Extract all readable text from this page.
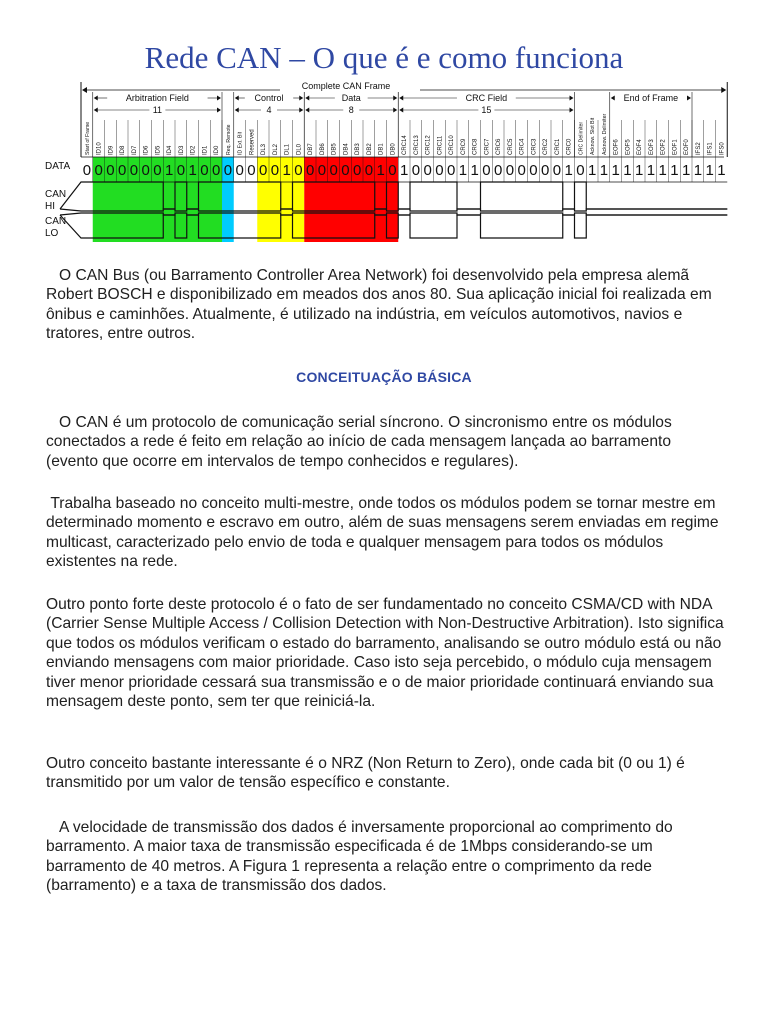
Rede CAN – O que é e como funciona
Arbitration Field
11
Control
4
Data
8
CRC Field
15
End of Frame
Start of Frame ID10 ID9 ID8 ID7 ID6 ID5 ID4 ID3 ID2 ID1 ID0 Req. Remote ID Ext. Bit Reserved DL3 DL2 DL1 DL0 DB7 DB6 DB5 DB4 DB3 DB2 DB1 DB0 CRC14 CRC13 CRC12 CRC11 CRC10 CRC9 CRC8 CRC7 CRC6 CRC5 CRC4 CRC3 CRC2 CRC1 CRC0 CRC Delimiter Acknow. Slot Bit Acknow. Delimiter EOF6 EOF5 EOF4 EOF3 EOF2 EOF1 EOF0 IFS2 IFS1 IFS0
0 0 0 0 0 0 0 1 0 1 0 0 0 0 0 0 0 1 0 0 0 0 0 0 0 1 0 1 0 0 0 0 1 1 0 0 0 0 0 0 0 1 0 1 1 1 1 1 1 1 1 1 1 1 1
Complete CAN Frame
DATA
CAN
HI
CAN
LO

O CAN Bus (ou Barramento Controller Area Network) foi desenvolvido pela empresa alemã Robert BOSCH e disponibilizado em meados dos anos 80. Sua aplicação inicial foi realizada em ônibus e caminhões. Atualmente, é utilizado na indústria, em veículos automotivos, navios e tratores, entre outros.

CONCEITUAÇÃO BÁSICA

O CAN é um protocolo de comunicação serial síncrono. O sincronismo entre os módulos conectados a rede é feito em relação ao início de cada mensagem lançada ao barramento (evento que ocorre em intervalos de tempo conhecidos e regulares).

Trabalha baseado no conceito multi-mestre, onde todos os módulos podem se tornar mestre em determinado momento e escravo em outro, além de suas mensagens serem enviadas em regime multicast, caracterizado pelo envio de toda e qualquer mensagem para todos os módulos existentes na rede.

Outro ponto forte deste protocolo é o fato de ser fundamentado no conceito CSMA/CD with NDA (Carrier Sense Multiple Access / Collision Detection with Non-Destructive Arbitration). Isto significa que todos os módulos verificam o estado do barramento, analisando se outro módulo está ou não enviando mensagens com maior prioridade. Caso isto seja percebido, o módulo cuja mensagem tiver menor prioridade cessará sua transmissão e o de maior prioridade continuará enviando sua mensagem deste ponto, sem ter que reiniciá-la.

Outro conceito bastante interessante é o NRZ (Non Return to Zero), onde cada bit (0 ou 1) é transmitido por um valor de tensão específico e constante.

A velocidade de transmissão dos dados é inversamente proporcional ao comprimento do barramento. A maior taxa de transmissão especificada é de 1Mbps considerando-se um barramento de 40 metros. A Figura 1 representa a relação entre o comprimento da rede (barramento) e a taxa de transmissão dos dados.
